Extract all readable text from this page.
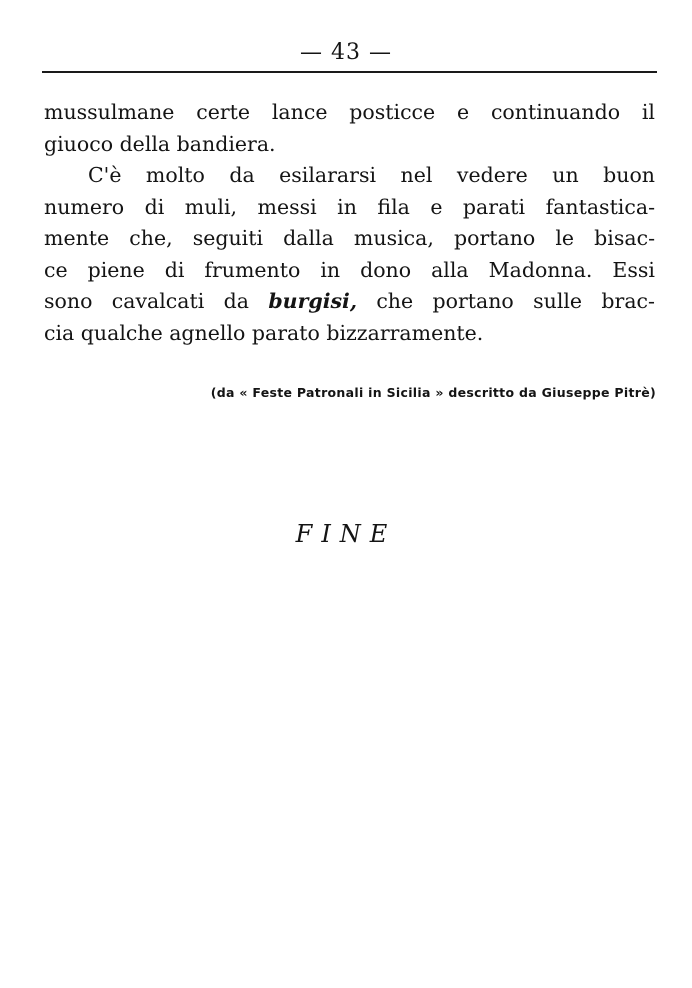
— 43 —
mussulmane certe lance posticce e continuando il
giuoco della bandiera.
C'è molto da esilararsi nel vedere un buon
numero di muli, messi in fila e parati fantastica-
mente che, seguiti dalla musica, portano le bisac-
ce piene di frumento in dono alla Madonna. Essi
sono cavalcati da burgisi, che portano sulle brac-
cia qualche agnello parato bizzarramente.
(da « Feste Patronali in Sicilia » descritto da Giuseppe Pitrè)
FINE
